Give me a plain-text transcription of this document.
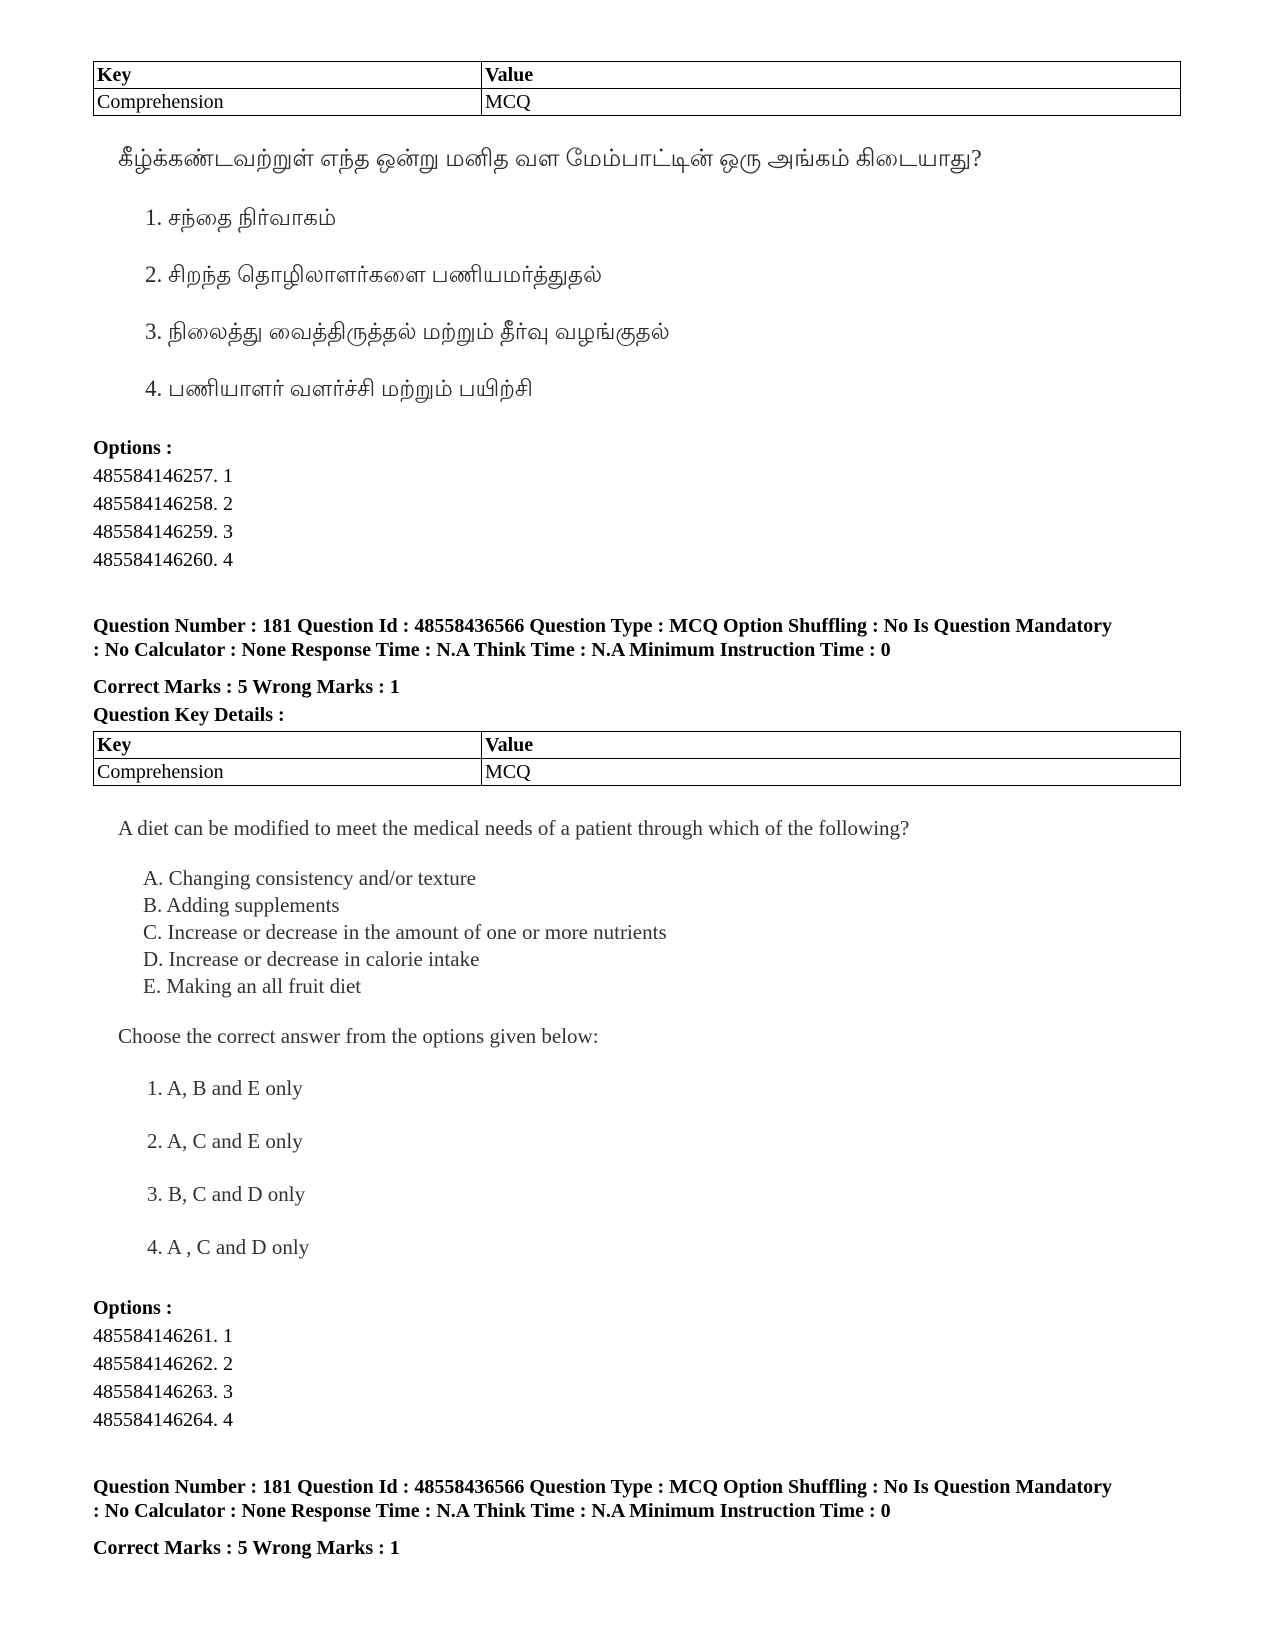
Key	Value
Comprehension	MCQ
கீழ்க்கண்டவற்றுள் எந்த ஒன்று மனித வள மேம்பாட்டின் ஒரு அங்கம் கிடையாது?
1. சந்தை நிர்வாகம்
2. சிறந்த தொழிலாளர்களை பணியமர்த்துதல்
3. நிலைத்து வைத்திருத்தல் மற்றும் தீர்வு வழங்குதல்
4. பணியாளர் வளர்ச்சி மற்றும் பயிற்சி
Options :
485584146257. 1
485584146258. 2
485584146259. 3
485584146260. 4
Question Number : 181 Question Id : 48558436566 Question Type : MCQ Option Shuffling : No Is Question Mandatory
: No Calculator : None Response Time : N.A Think Time : N.A Minimum Instruction Time : 0
Correct Marks : 5 Wrong Marks : 1
Question Key Details :
Key	Value
Comprehension	MCQ
A diet can be modified to meet the medical needs of a patient through which of the following?
A. Changing consistency and/or texture
B. Adding supplements
C. Increase or decrease in the amount of one or more nutrients
D. Increase or decrease in calorie intake
E. Making an all fruit diet
Choose the correct answer from the options given below:
1. A, B and E only
2. A, C and E only
3. B, C and D only
4. A , C and D only
Options :
485584146261. 1
485584146262. 2
485584146263. 3
485584146264. 4
Question Number : 181 Question Id : 48558436566 Question Type : MCQ Option Shuffling : No Is Question Mandatory
: No Calculator : None Response Time : N.A Think Time : N.A Minimum Instruction Time : 0
Correct Marks : 5 Wrong Marks : 1
